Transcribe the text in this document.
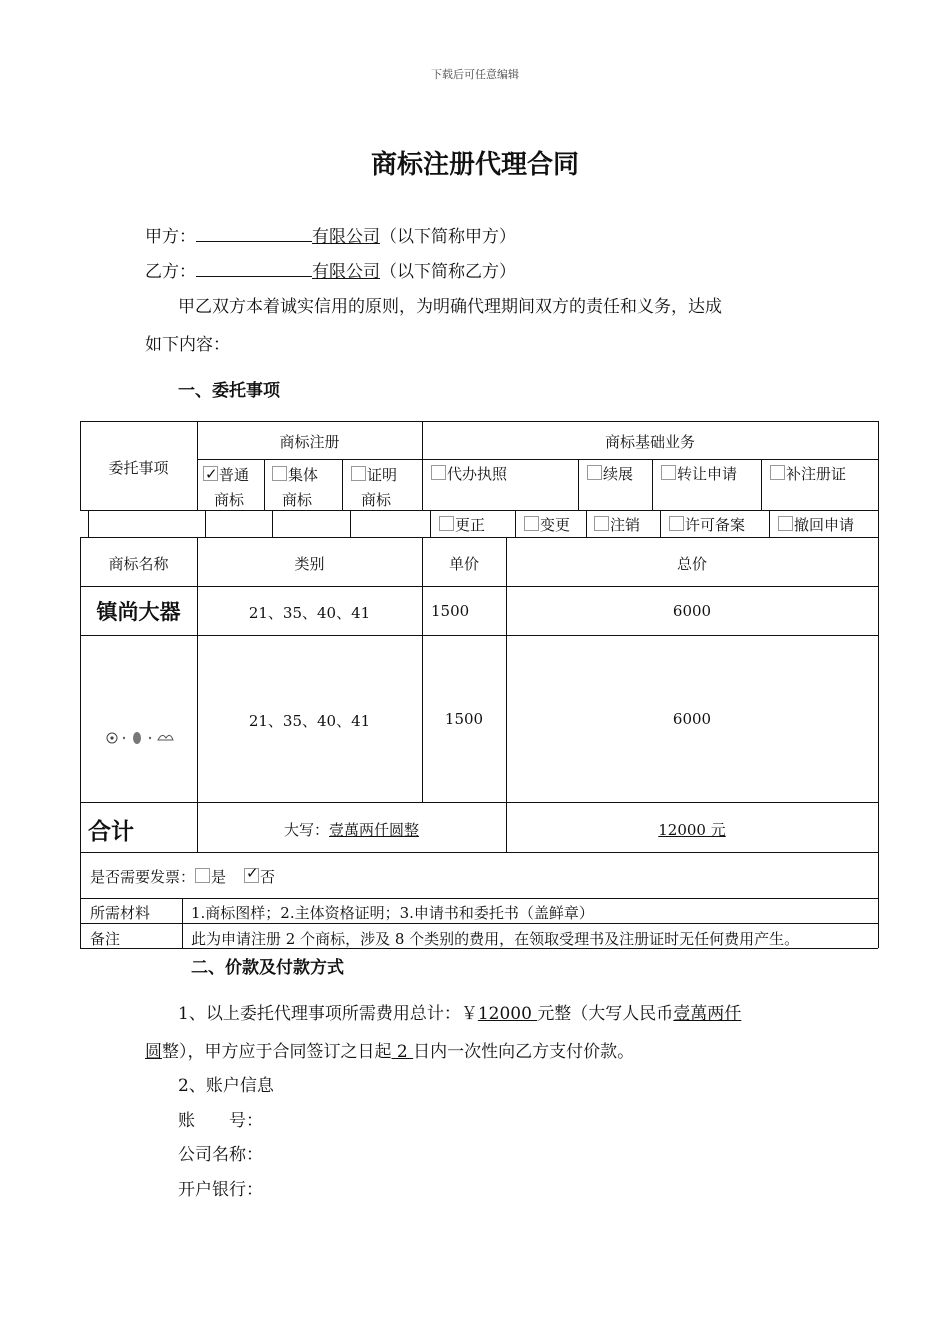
下载后可任意编辑
商标注册代理合同
甲方：	有限公司（以下简称甲方）
乙方：	有限公司（以下简称乙方）
甲乙双方本着诚实信用的原则，为明确代理期间双方的责任和义务，达成
如下内容：
一、委托事项
委托事项
商标注册	商标基础业务
✓普通
商标
集体
商标
证明
商标
代办执照	续展	转让申请	补注册证
更正	变更	注销	许可备案	撤回申请
商标名称	类别	单价	总价
镇尚大器	21、35、40、41	1500	6000
21、35、40、41	1500	6000
合计	大写：壹萬两仟圆整	12000 元
是否需要发票： 是✓ 否
所需材料	1.商标图样；2.主体资格证明；3.申请书和委托书（盖鲜章）
备注	此为申请注册 2 个商标，涉及 8 个类别的费用，在领取受理书及注册证时无任何费用产生。
二、价款及付款方式
1、以上委托代理事项所需费用总计：￥12000 元整（大写人民币壹萬两仟
圆整），甲方应于合同签订之日起 2 日内一次性向乙方支付价款。
2、账户信息
账　　号：
公司名称：
开户银行：
